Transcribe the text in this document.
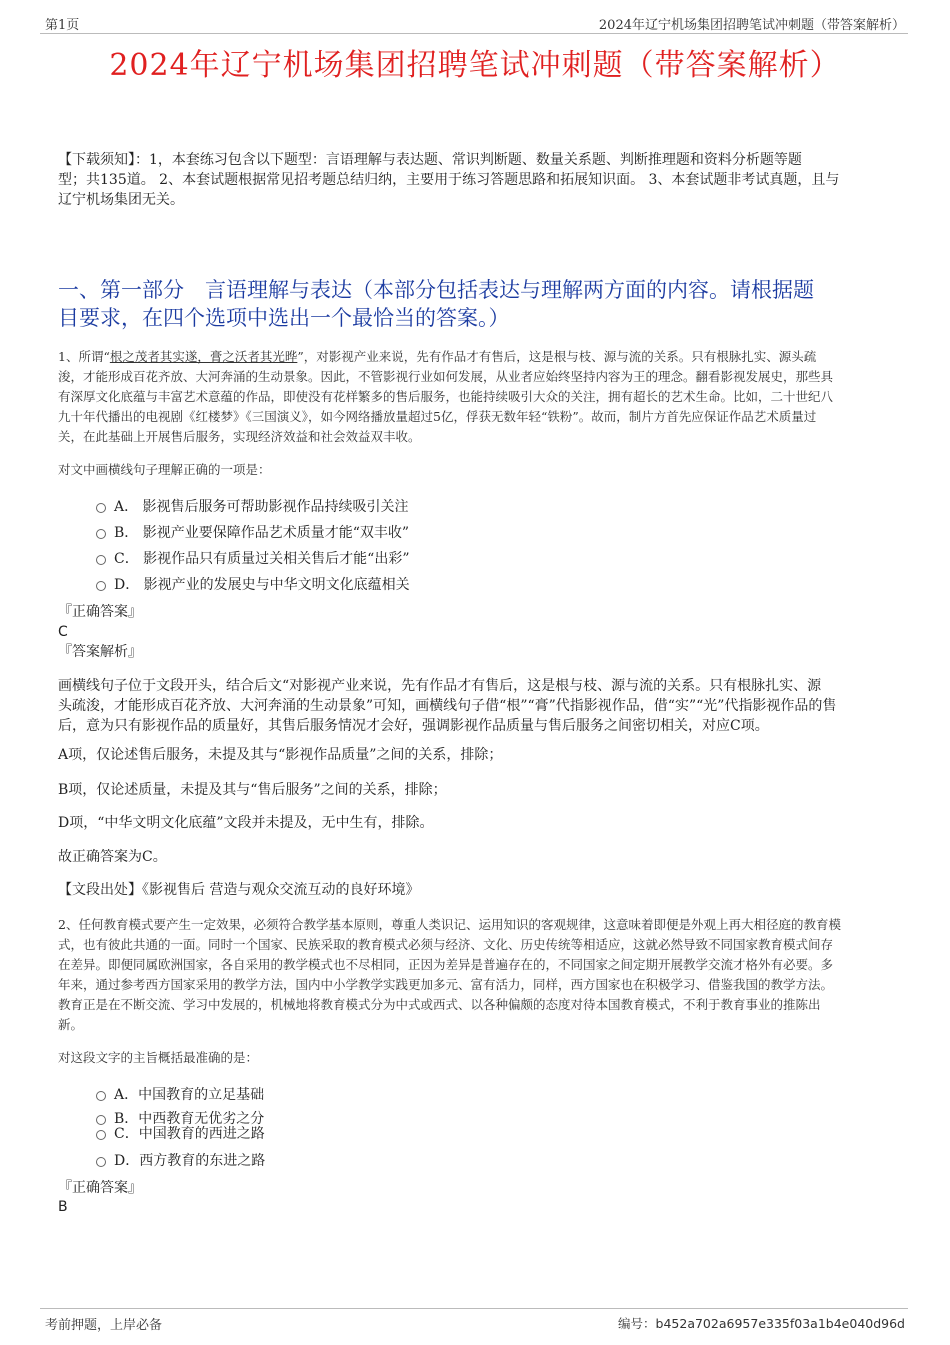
第1页	2024年辽宁机场集团招聘笔试冲刺题（带答案解析）
2024年辽宁机场集团招聘笔试冲刺题（带答案解析）
【下载须知】：1，本套练习包含以下题型：言语理解与表达题、常识判断题、数量关系题、判断推理题和资料分析题等题
型；共135道。 2、本套试题根据常见招考题总结归纳，主要用于练习答题思路和拓展知识面。 3、本套试题非考试真题，且与
辽宁机场集团无关。
一、第一部分　言语理解与表达（本部分包括表达与理解两方面的内容。请根据题
目要求，在四个选项中选出一个最恰当的答案。）
1、所谓“根之茂者其实遂，膏之沃者其光晔”，对影视产业来说，先有作品才有售后，这是根与枝、源与流的关系。只有根脉扎实、源头疏
浚，才能形成百花齐放、大河奔涌的生动景象。因此，不管影视行业如何发展，从业者应始终坚持内容为王的理念。翻看影视发展史，那些具
有深厚文化底蕴与丰富艺术意蕴的作品，即使没有花样繁多的售后服务，也能持续吸引大众的关注，拥有超长的艺术生命。比如，二十世纪八
九十年代播出的电视剧《红楼梦》《三国演义》，如今网络播放量超过5亿，俘获无数年轻“铁粉”。故而，制片方首先应保证作品艺术质量过
关，在此基础上开展售后服务，实现经济效益和社会效益双丰收。
对文中画横线句子理解正确的一项是：
A． 影视售后服务可帮助影视作品持续吸引关注
B． 影视产业要保障作品艺术质量才能“双丰收”
C． 影视作品只有质量过关相关售后才能“出彩”
D． 影视产业的发展史与中华文明文化底蕴相关
『正确答案』
C
『答案解析』
画横线句子位于文段开头，结合后文“对影视产业来说，先有作品才有售后，这是根与枝、源与流的关系。只有根脉扎实、源
头疏浚，才能形成百花齐放、大河奔涌的生动景象”可知，画横线句子借“根”“膏”代指影视作品，借“实”“光”代指影视作品的售
后，意为只有影视作品的质量好，其售后服务情况才会好，强调影视作品质量与售后服务之间密切相关，对应C项。
A项，仅论述售后服务，未提及其与“影视作品质量”之间的关系，排除；
B项，仅论述质量，未提及其与“售后服务”之间的关系，排除；
D项，“中华文明文化底蕴”文段并未提及，无中生有，排除。
故正确答案为C。
【文段出处】《影视售后 营造与观众交流互动的良好环境》
2、任何教育模式要产生一定效果，必须符合教学基本原则，尊重人类识记、运用知识的客观规律，这意味着即便是外观上再大相径庭的教育模
式，也有彼此共通的一面。同时一个国家、民族采取的教育模式必须与经济、文化、历史传统等相适应，这就必然导致不同国家教育模式间存
在差异。即便同属欧洲国家，各自采用的教学模式也不尽相同，正因为差异是普遍存在的，不同国家之间定期开展教学交流才格外有必要。多
年来，通过参考西方国家采用的教学方法，国内中小学教学实践更加多元、富有活力，同样，西方国家也在积极学习、借鉴我国的教学方法。
教育正是在不断交流、学习中发展的，机械地将教育模式分为中式或西式、以各种偏颇的态度对待本国教育模式，不利于教育事业的推陈出
新。
对这段文字的主旨概括最准确的是：
A．中国教育的立足基础
B．中西教育无优劣之分
C．中国教育的西进之路
D．西方教育的东进之路
『正确答案』
B
考前押题，上岸必备	编号：b452a702a6957e335f03a1b4e040d96d
